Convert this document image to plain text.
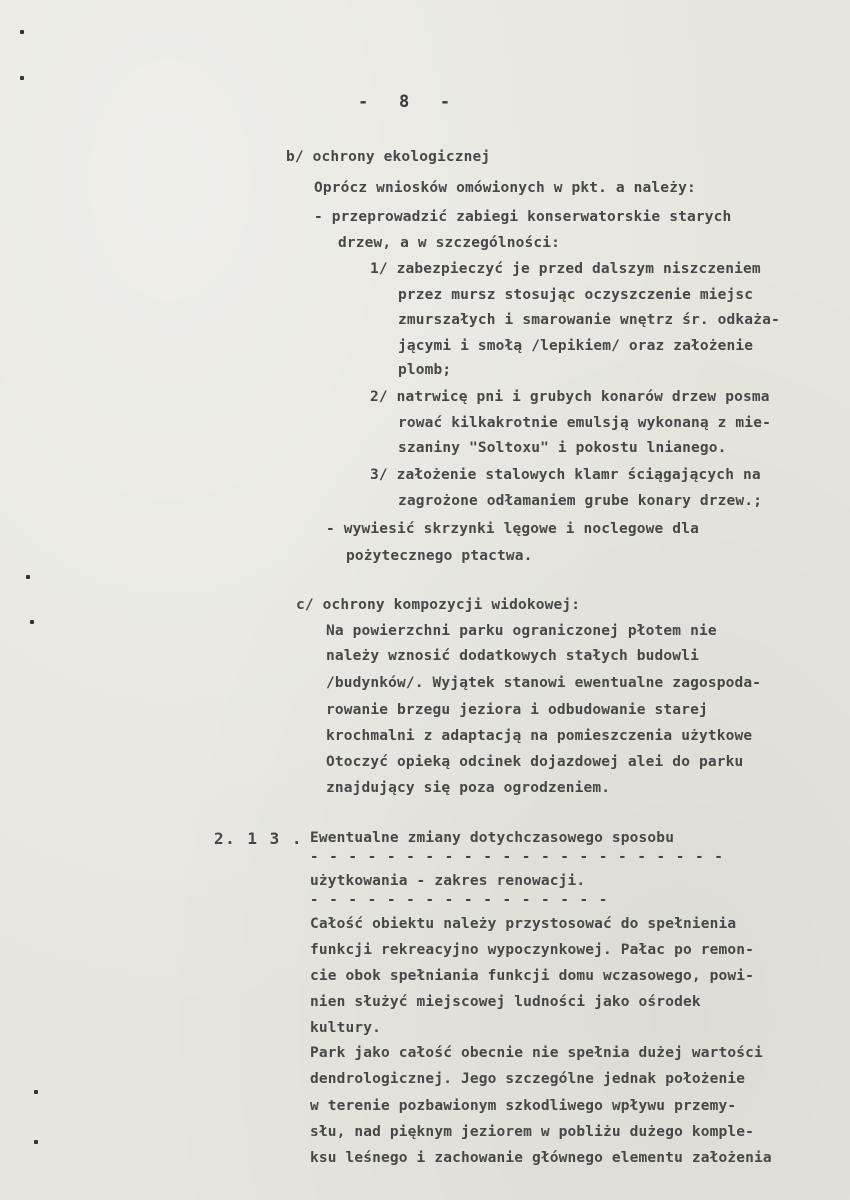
-   8   -
b/ ochrony ekologicznej
Oprócz wniosków omówionych w pkt. a należy:
- przeprowadzić zabiegi konserwatorskie starych
drzew, a w szczególności:
1/ zabezpieczyć je przed dalszym niszczeniem
przez mursz stosując oczyszczenie miejsc
zmurszałych i smarowanie wnętrz śr. odkaża-
jącymi i smołą /lepikiem/ oraz założenie
plomb;
2/ natrwicę pni i grubych konarów drzew posma
rować kilkakrotnie emulsją wykonaną z mie-
szaniny "Soltoxu" i pokostu lnianego.
3/ założenie stalowych klamr ściągających na
zagrożone odłamaniem grube konary drzew.;
- wywiesić skrzynki lęgowe i noclegowe dla
pożytecznego ptactwa.
c/ ochrony kompozycji widokowej:
Na powierzchni parku ograniczonej płotem nie
należy wznosić dodatkowych stałych budowli
/budynków/. Wyjątek stanowi ewentualne zagospoda-
rowanie brzegu jeziora i odbudowanie starej
krochmalni z adaptacją na pomieszczenia użytkowe
Otoczyć opieką odcinek dojazdowej alei do parku
znajdujący się poza ogrodzeniem.
2. 1 3 . Ewentualne zmiany dotychczasowego sposobu
- - - - - - - - - - - - - - - - - - - - - -
użytkowania - zakres renowacji.
- - - - - - - - - - - - - - - -
Całość obiektu należy przystosować do spełnienia
funkcji rekreacyjno wypoczynkowej. Pałac po remon-
cie obok spełniania funkcji domu wczasowego, powi-
nien służyć miejscowej ludności jako ośrodek
kultury.
Park jako całość obecnie nie spełnia dużej wartości
dendrologicznej. Jego szczególne jednak położenie
w terenie pozbawionym szkodliwego wpływu przemy-
słu, nad pięknym jeziorem w pobliżu dużego komple-
ksu leśnego i zachowanie głównego elementu założenia
